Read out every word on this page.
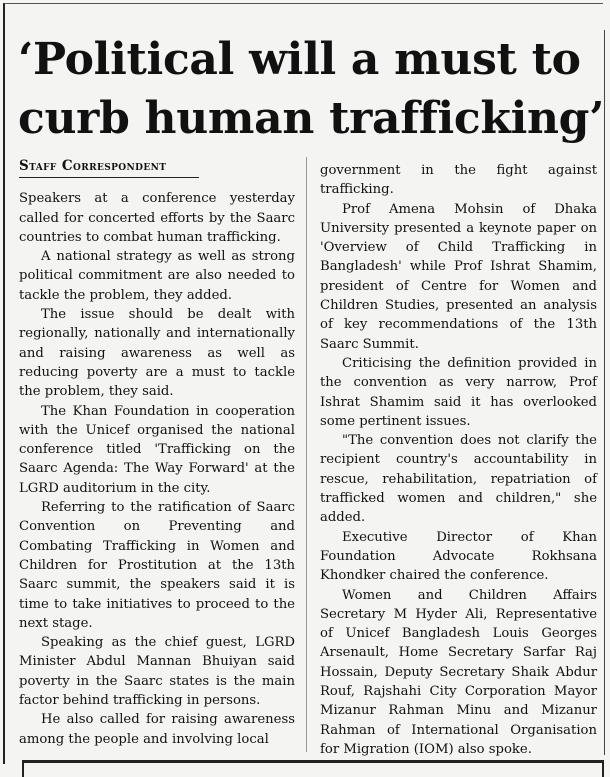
‘Political will a must to
curb human trafficking’
Staff Correspondent

Speakers at a conference yesterday called for concerted efforts by the Saarc countries to combat human trafficking.

A national strategy as well as strong political commitment are also needed to tackle the problem, they added.

The issue should be dealt with regionally, nationally and internationally and raising awareness as well as reducing poverty are a must to tackle the problem, they said.

The Khan Foundation in cooperation with the Unicef organised the national conference titled 'Trafficking on the Saarc Agenda: The Way Forward' at the LGRD auditorium in the city.

Referring to the ratification of Saarc Convention on Preventing and Combating Trafficking in Women and Children for Prostitution at the 13th Saarc summit, the speakers said it is time to take initiatives to proceed to the next stage.

Speaking as the chief guest, LGRD Minister Abdul Mannan Bhuiyan said poverty in the Saarc states is the main factor behind trafficking in persons.

He also called for raising awareness among the people and involving local

government in the fight against trafficking.

Prof Amena Mohsin of Dhaka University presented a keynote paper on 'Overview of Child Trafficking in Bangladesh' while Prof Ishrat Shamim, president of Centre for Women and Children Studies, presented an analysis of key recommendations of the 13th Saarc Summit.

Criticising the definition provided in the convention as very narrow, Prof Ishrat Shamim said it has overlooked some pertinent issues.

"The convention does not clarify the recipient country's accountability in rescue, rehabilitation, repatriation of trafficked women and children," she added.

Executive Director of Khan Foundation Advocate Rokhsana Khondker chaired the conference.

Women and Children Affairs Secretary M Hyder Ali, Representative of Unicef Bangladesh Louis Georges Arsenault, Home Secretary Sarfar Raj Hossain, Deputy Secretary Shaik Abdur Rouf, Rajshahi City Corporation Mayor Mizanur Rahman Minu and Mizanur Rahman of International Organisation for Migration (IOM) also spoke.
